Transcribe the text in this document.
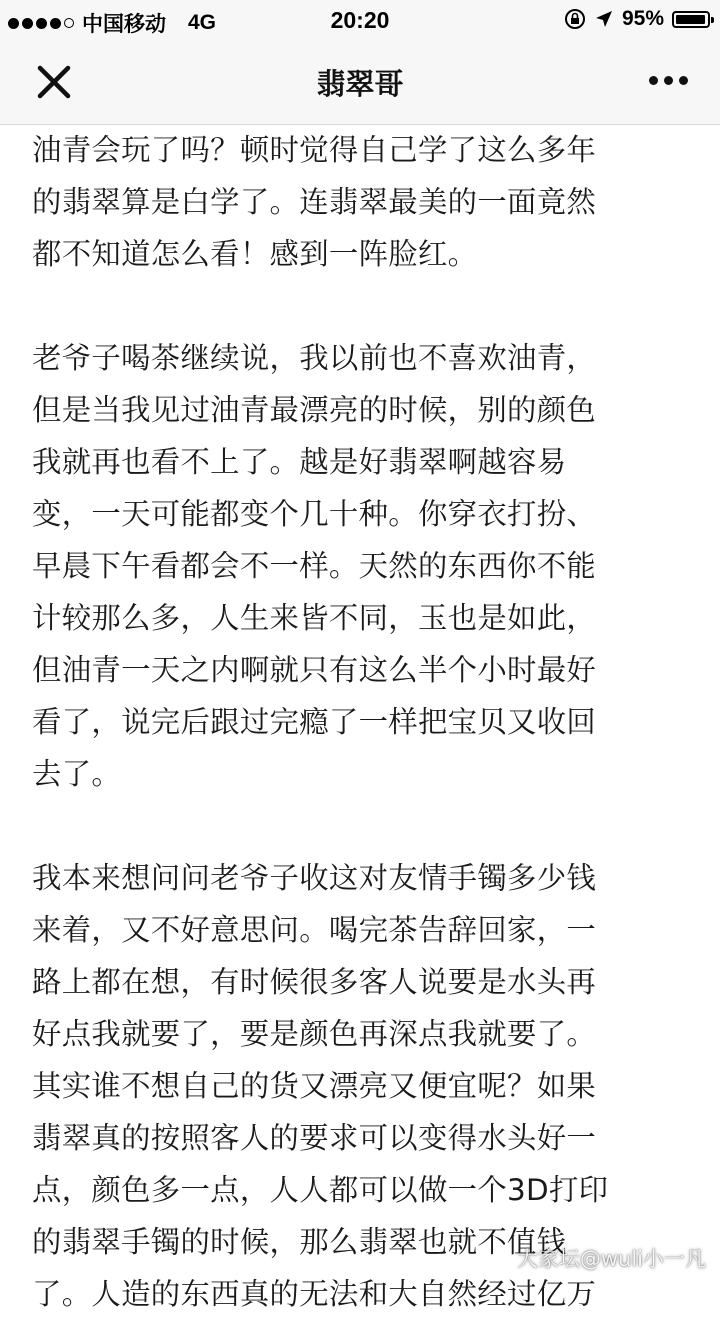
中国移动 4G	20:20	95%
翡翠哥
油青会玩了吗？顿时觉得自己学了这么多年
的翡翠算是白学了。连翡翠最美的一面竟然
都不知道怎么看！感到一阵脸红。
老爷子喝茶继续说，我以前也不喜欢油青，
但是当我见过油青最漂亮的时候，别的颜色
我就再也看不上了。越是好翡翠啊越容易
变，一天可能都变个几十种。你穿衣打扮、
早晨下午看都会不一样。天然的东西你不能
计较那么多，人生来皆不同，玉也是如此，
但油青一天之内啊就只有这么半个小时最好
看了，说完后跟过完瘾了一样把宝贝又收回
去了。
我本来想问问老爷子收这对友情手镯多少钱
来着，又不好意思问。喝完茶告辞回家，一
路上都在想，有时候很多客人说要是水头再
好点我就要了，要是颜色再深点我就要了。
其实谁不想自己的货又漂亮又便宜呢？如果
翡翠真的按照客人的要求可以变得水头好一
点，颜色多一点，人人都可以做一个3D打印
的翡翠手镯的时候，那么翡翠也就不值钱
了。人造的东西真的无法和大自然经过亿万
大家坛@wuli小一凡
